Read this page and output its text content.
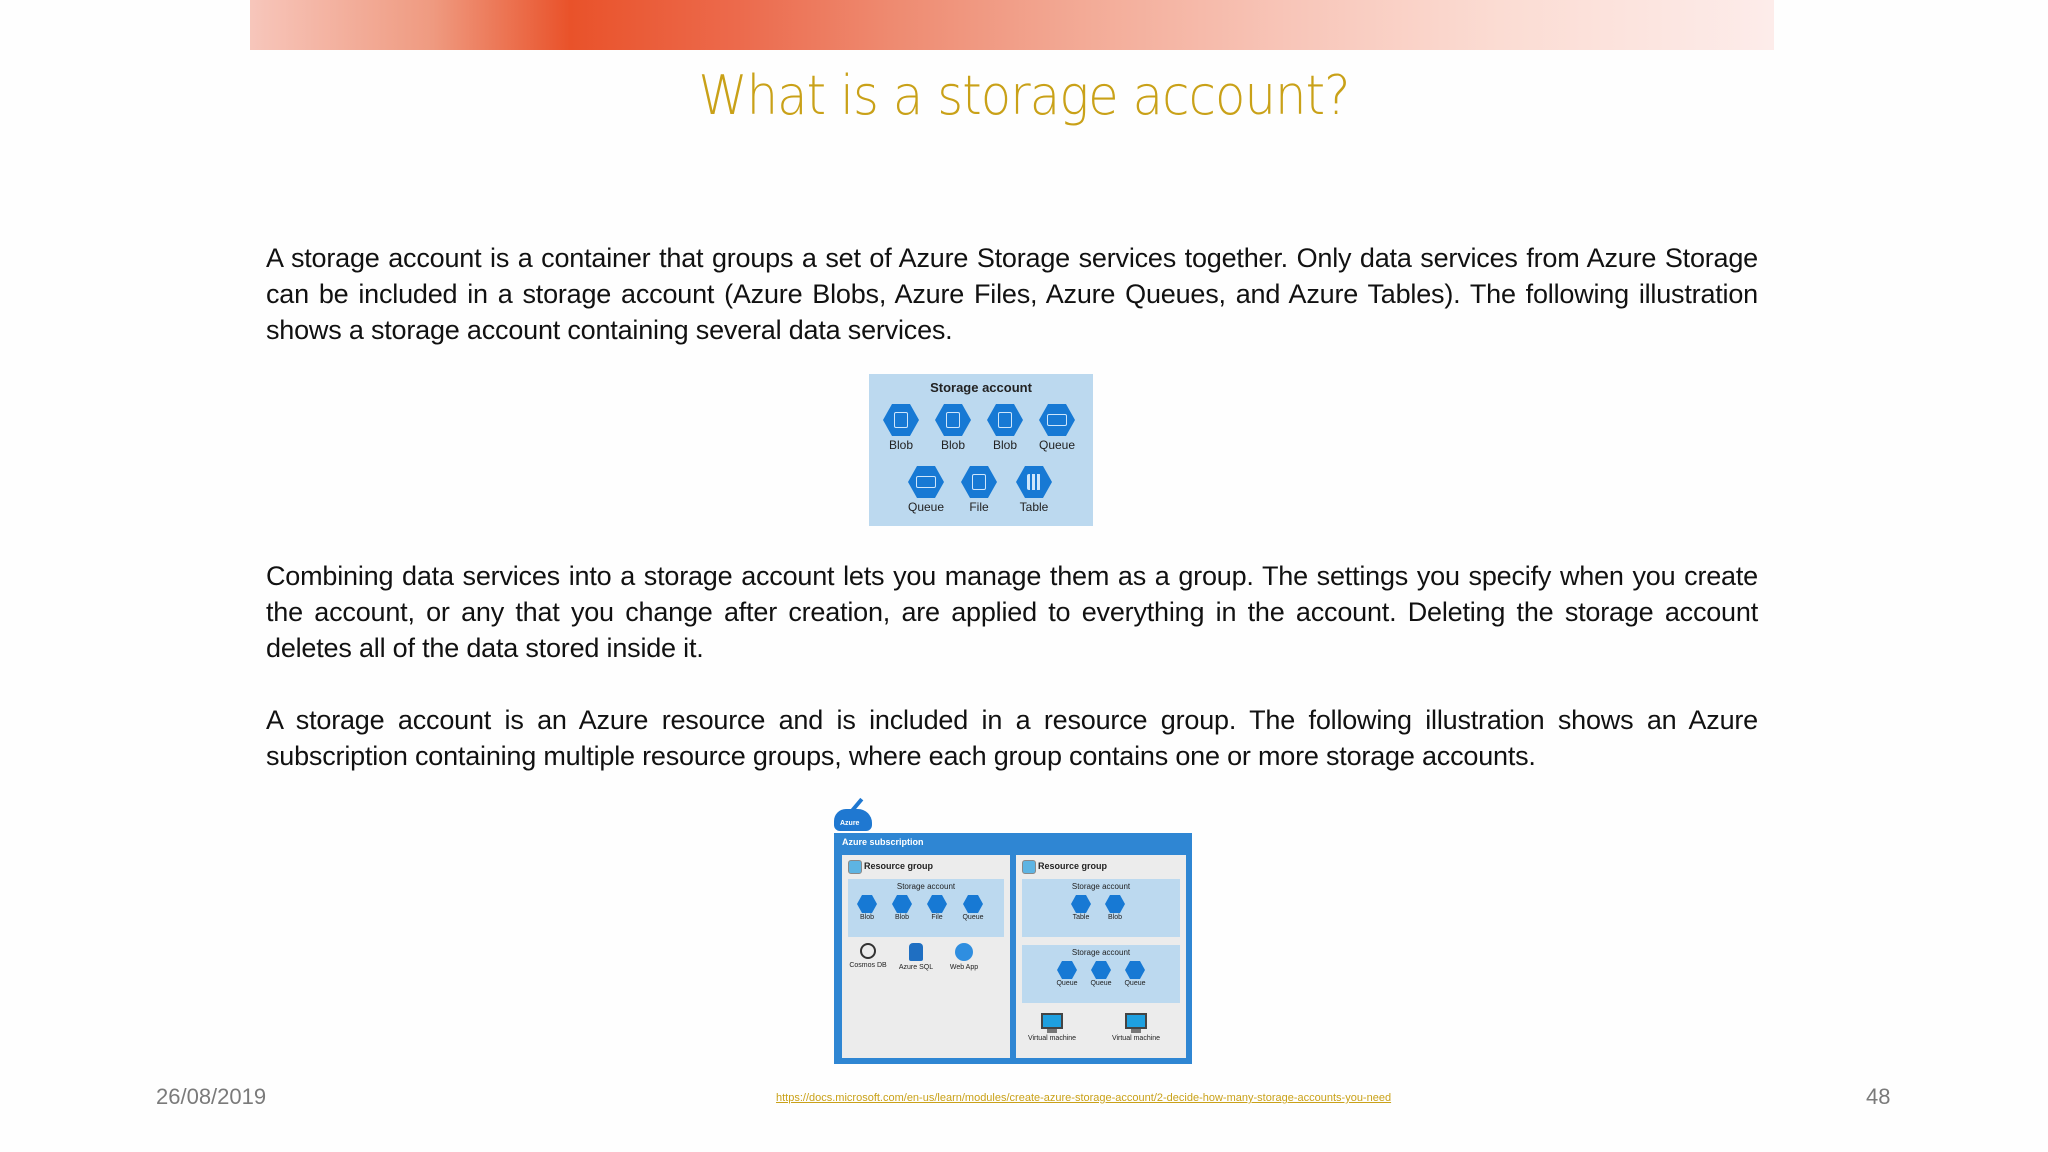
What is a storage account?
A storage account is a container that groups a set of Azure Storage services together. Only data services from Azure Storage can be included in a storage account (Azure Blobs, Azure Files, Azure Queues, and Azure Tables). The following illustration shows a storage account containing several data services.
Storage account
Blob	Blob	Blob	Queue
Queue	File	Table
Combining data services into a storage account lets you manage them as a group. The settings you specify when you create the account, or any that you change after creation, are applied to everything in the account. Deleting the storage account deletes all of the data stored inside it.
A storage account is an Azure resource and is included in a resource group. The following illustration shows an Azure subscription containing multiple resource groups, where each group contains one or more storage accounts.
Azure
Azure subscription
Resource group
Storage account
Blob	Blob	File	Queue
Cosmos DB	Azure SQL	Web App
Resource group
Storage account
Table	Blob
Storage account
Queue	Queue	Queue
Virtual machine	Virtual machine
26/08/2019	https://docs.microsoft.com/en-us/learn/modules/create-azure-storage-account/2-decide-how-many-storage-accounts-you-need	48
